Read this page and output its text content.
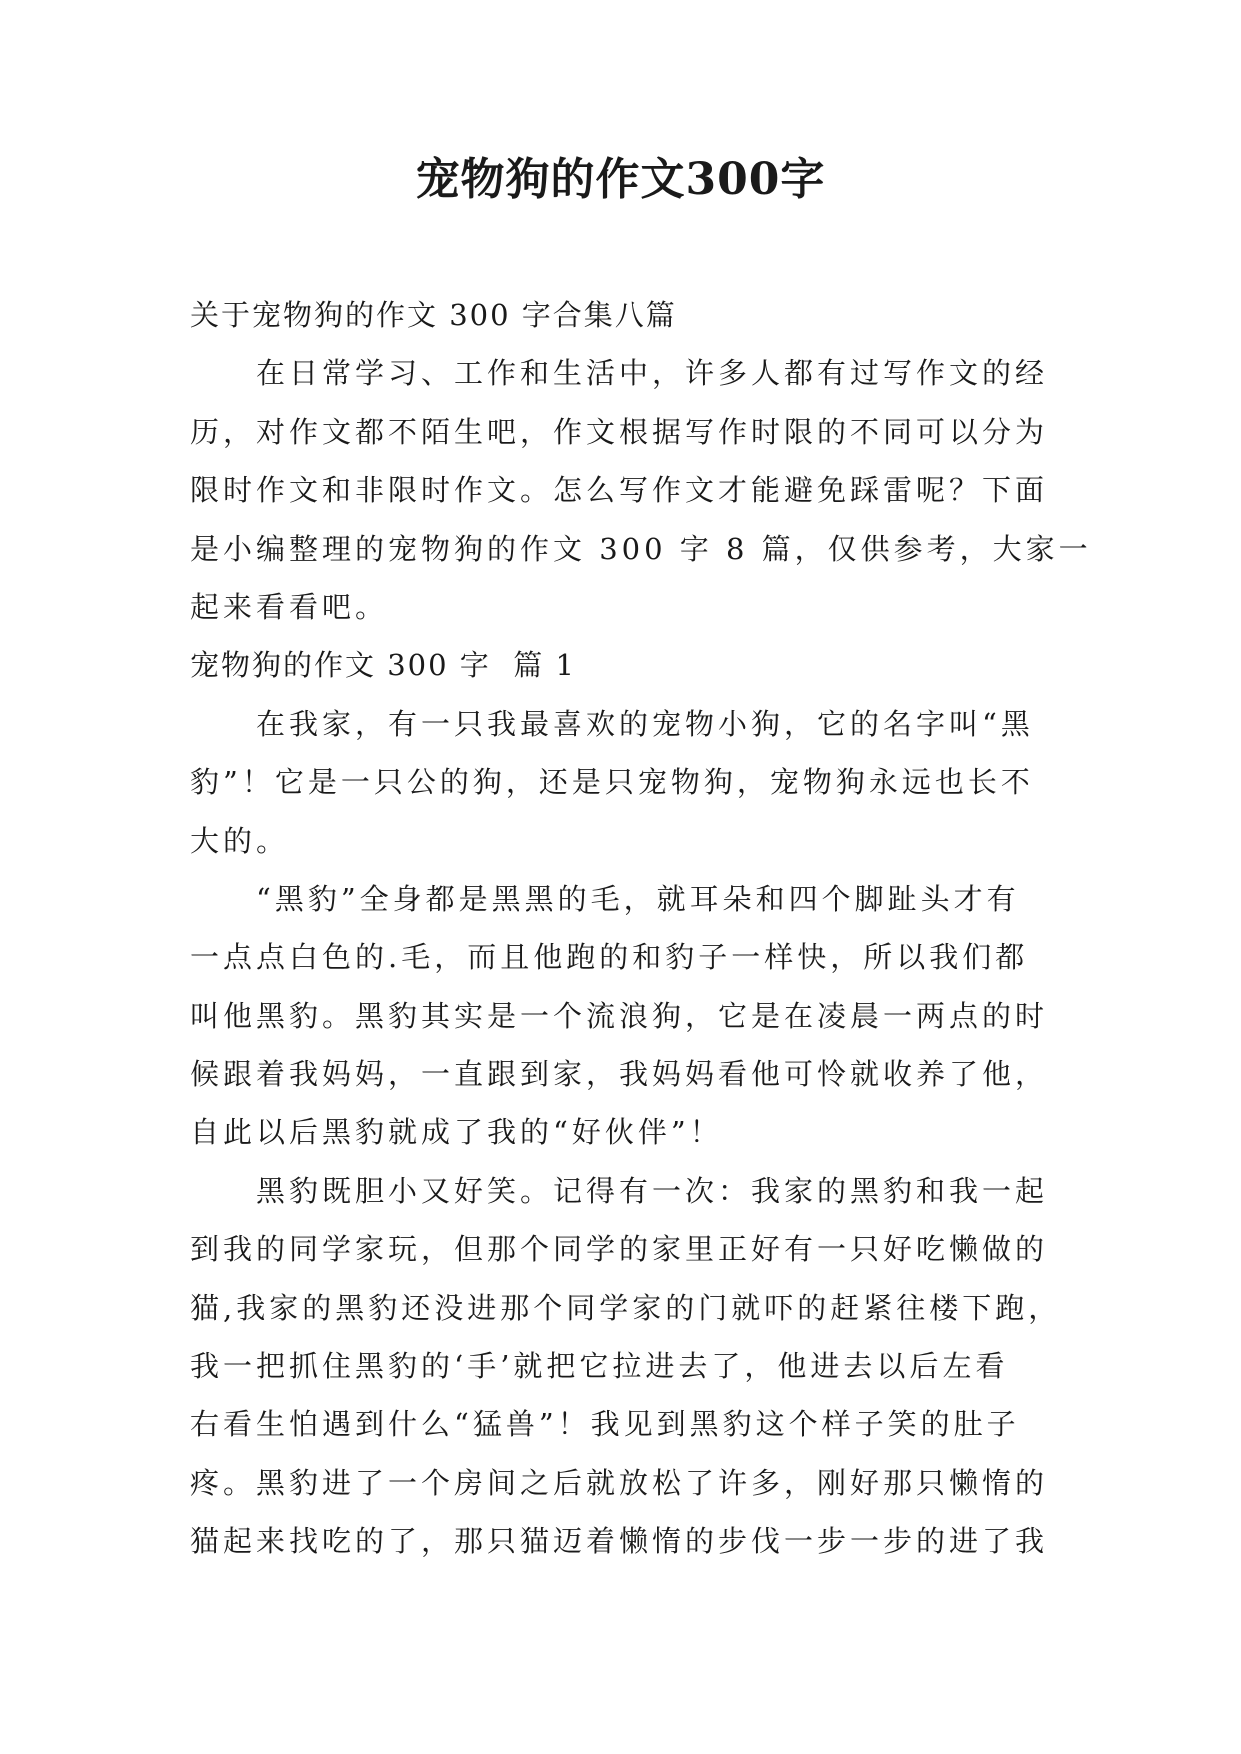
宠物狗的作文300字
关于宠物狗的作文 300 字合集八篇
　　在日常学习、工作和生活中，许多人都有过写作文的经
历，对作文都不陌生吧，作文根据写作时限的不同可以分为
限时作文和非限时作文。怎么写作文才能避免踩雷呢？下面
是小编整理的宠物狗的作文 300 字 8 篇，仅供参考，大家一
起来看看吧。
宠物狗的作文 300 字  篇 1
　　在我家，有一只我最喜欢的宠物小狗，它的名字叫“黑
豹”！它是一只公的狗，还是只宠物狗，宠物狗永远也长不
大的。
　　“黑豹”全身都是黑黑的毛，就耳朵和四个脚趾头才有
一点点白色的.毛，而且他跑的和豹子一样快，所以我们都
叫他黑豹。黑豹其实是一个流浪狗，它是在凌晨一两点的时
候跟着我妈妈，一直跟到家，我妈妈看他可怜就收养了他，
自此以后黑豹就成了我的“好伙伴”！
　　黑豹既胆小又好笑。记得有一次：我家的黑豹和我一起
到我的同学家玩，但那个同学的家里正好有一只好吃懒做的
猫,我家的黑豹还没进那个同学家的门就吓的赶紧往楼下跑，
我一把抓住黑豹的‘手’就把它拉进去了，他进去以后左看
右看生怕遇到什么“猛兽”！我见到黑豹这个样子笑的肚子
疼。黑豹进了一个房间之后就放松了许多，刚好那只懒惰的
猫起来找吃的了，那只猫迈着懒惰的步伐一步一步的进了我
